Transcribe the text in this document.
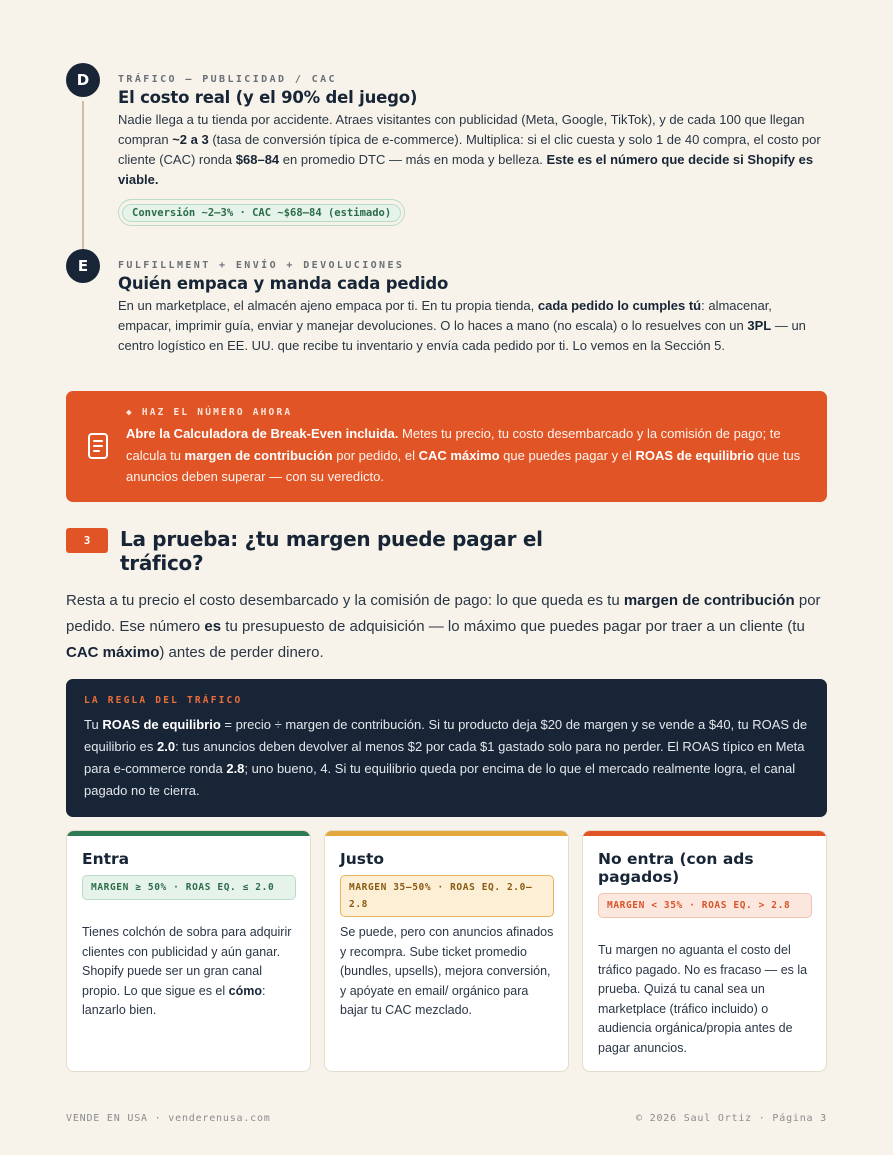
D	TRÁFICO — PUBLICIDAD / CAC
El costo real (y el 90% del juego)
Nadie llega a tu tienda por accidente. Atraes visitantes con publicidad (Meta, Google, TikTok), y de cada 100 que llegan compran ~2 a 3 (tasa de conversión típica de e-commerce). Multiplica: si el clic cuesta y solo 1 de 40 compra, el costo por cliente (CAC) ronda $68–84 en promedio DTC — más en moda y belleza. Este es el número que decide si Shopify es viable.
Conversión ~2–3% · CAC ~$68–84 (estimado)
E	FULFILLMENT + ENVÍO + DEVOLUCIONES
Quién empaca y manda cada pedido
En un marketplace, el almacén ajeno empaca por ti. En tu propia tienda, cada pedido lo cumples tú: almacenar, empacar, imprimir guía, enviar y manejar devoluciones. O lo haces a mano (no escala) o lo resuelves con un 3PL — un centro logístico en EE. UU. que recibe tu inventario y envía cada pedido por ti. Lo vemos en la Sección 5.
◆ HAZ EL NÚMERO AHORA
Abre la Calculadora de Break-Even incluida. Metes tu precio, tu costo desembarcado y la comisión de pago; te calcula tu margen de contribución por pedido, el CAC máximo que puedes pagar y el ROAS de equilibrio que tus anuncios deben superar — con su veredicto.
3	La prueba: ¿tu margen puede pagar el tráfico?
Resta a tu precio el costo desembarcado y la comisión de pago: lo que queda es tu margen de contribución por pedido. Ese número es tu presupuesto de adquisición — lo máximo que puedes pagar por traer a un cliente (tu CAC máximo) antes de perder dinero.
LA REGLA DEL TRÁFICO
Tu ROAS de equilibrio = precio ÷ margen de contribución. Si tu producto deja $20 de margen y se vende a $40, tu ROAS de equilibrio es 2.0: tus anuncios deben devolver al menos $2 por cada $1 gastado solo para no perder. El ROAS típico en Meta para e-commerce ronda 2.8; uno bueno, 4. Si tu equilibrio queda por encima de lo que el mercado realmente logra, el canal pagado no te cierra.
Entra
MARGEN ≥ 50% · ROAS EQ. ≤ 2.0
Tienes colchón de sobra para adquirir clientes con publicidad y aún ganar. Shopify puede ser un gran canal propio. Lo que sigue es el cómo: lanzarlo bien.
Justo
MARGEN 35–50% · ROAS EQ. 2.0–2.8
Se puede, pero con anuncios afinados y recompra. Sube ticket promedio (bundles, upsells), mejora conversión, y apóyate en email/ orgánico para bajar tu CAC mezclado.
No entra (con ads pagados)
MARGEN < 35% · ROAS EQ. > 2.8
Tu margen no aguanta el costo del tráfico pagado. No es fracaso — es la prueba. Quizá tu canal sea un marketplace (tráfico incluido) o audiencia orgánica/propia antes de pagar anuncios.
VENDE EN USA · venderenusa.com	© 2026 Saul Ortiz · Página 3
